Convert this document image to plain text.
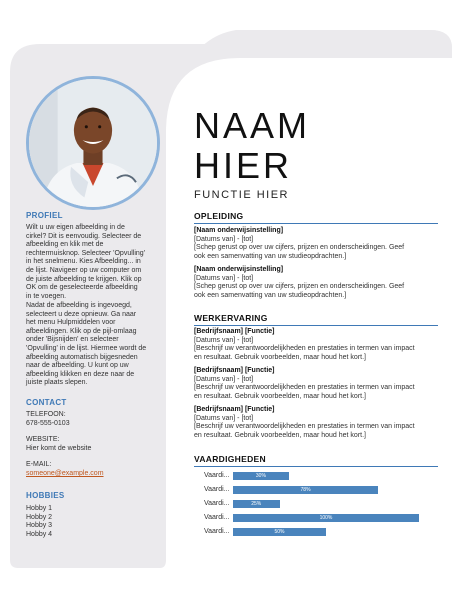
PROFIEL

Wilt u uw eigen afbeelding in de

cirkel? Dit is eenvoudig. Selecteer de

afbeelding en klik met de

rechtermuisknop. Selecteer 'Opvulling'

in het snelmenu. Kies Afbeelding... in

de lijst. Navigeer op uw computer om

de juiste afbeelding te krijgen. Klik op

OK om de geselecteerde afbeelding

in te voegen.

Nadat de afbeelding is ingevoegd,

selecteert u deze opnieuw. Ga naar

het menu Hulpmiddelen voor

afbeeldingen. Klik op de pijl-omlaag

onder 'Bijsnijden' en selecteer

'Opvulling' in de lijst. Hiermee wordt de

afbeelding automatisch bijgesneden

naar de afbeelding. U kunt op uw

afbeelding klikken en deze naar de

juiste plaats slepen.

CONTACT

TELEFOON:

678-555-0103

WEBSITE:

Hier komt de website

E-MAIL:

someone@example.com

HOBBIES

Hobby 1

Hobby 2

Hobby 3

Hobby 4

NAAM
HIER
FUNCTIE HIER
OPLEIDING
[Naam onderwijsinstelling]
[Datums van] - [tot]
[Schep gerust op over uw cijfers, prijzen en onderscheidingen. Geef
ook een samenvatting van uw studieopdrachten.]
[Naam onderwijsinstelling]
[Datums van] - [tot]
[Schep gerust op over uw cijfers, prijzen en onderscheidingen. Geef
ook een samenvatting van uw studieopdrachten.]
WERKERVARING
[Bedrijfsnaam] [Functie]
[Datums van] - [tot]
[Beschrijf uw verantwoordelijkheden en prestaties in termen van impact
en resultaat. Gebruik voorbeelden, maar houd het kort.]
[Bedrijfsnaam] [Functie]
[Datums van] - [tot]
[Beschrijf uw verantwoordelijkheden en prestaties in termen van impact
en resultaat. Gebruik voorbeelden, maar houd het kort.]
[Bedrijfsnaam] [Functie]
[Datums van] - [tot]
[Beschrijf uw verantwoordelijkheden en prestaties in termen van impact
en resultaat. Gebruik voorbeelden, maar houd het kort.]
VAARDIGHEDEN
Vaardi...	30%
Vaardi...	78%
Vaardi...	25%
Vaardi...	100%
Vaardi...	50%
